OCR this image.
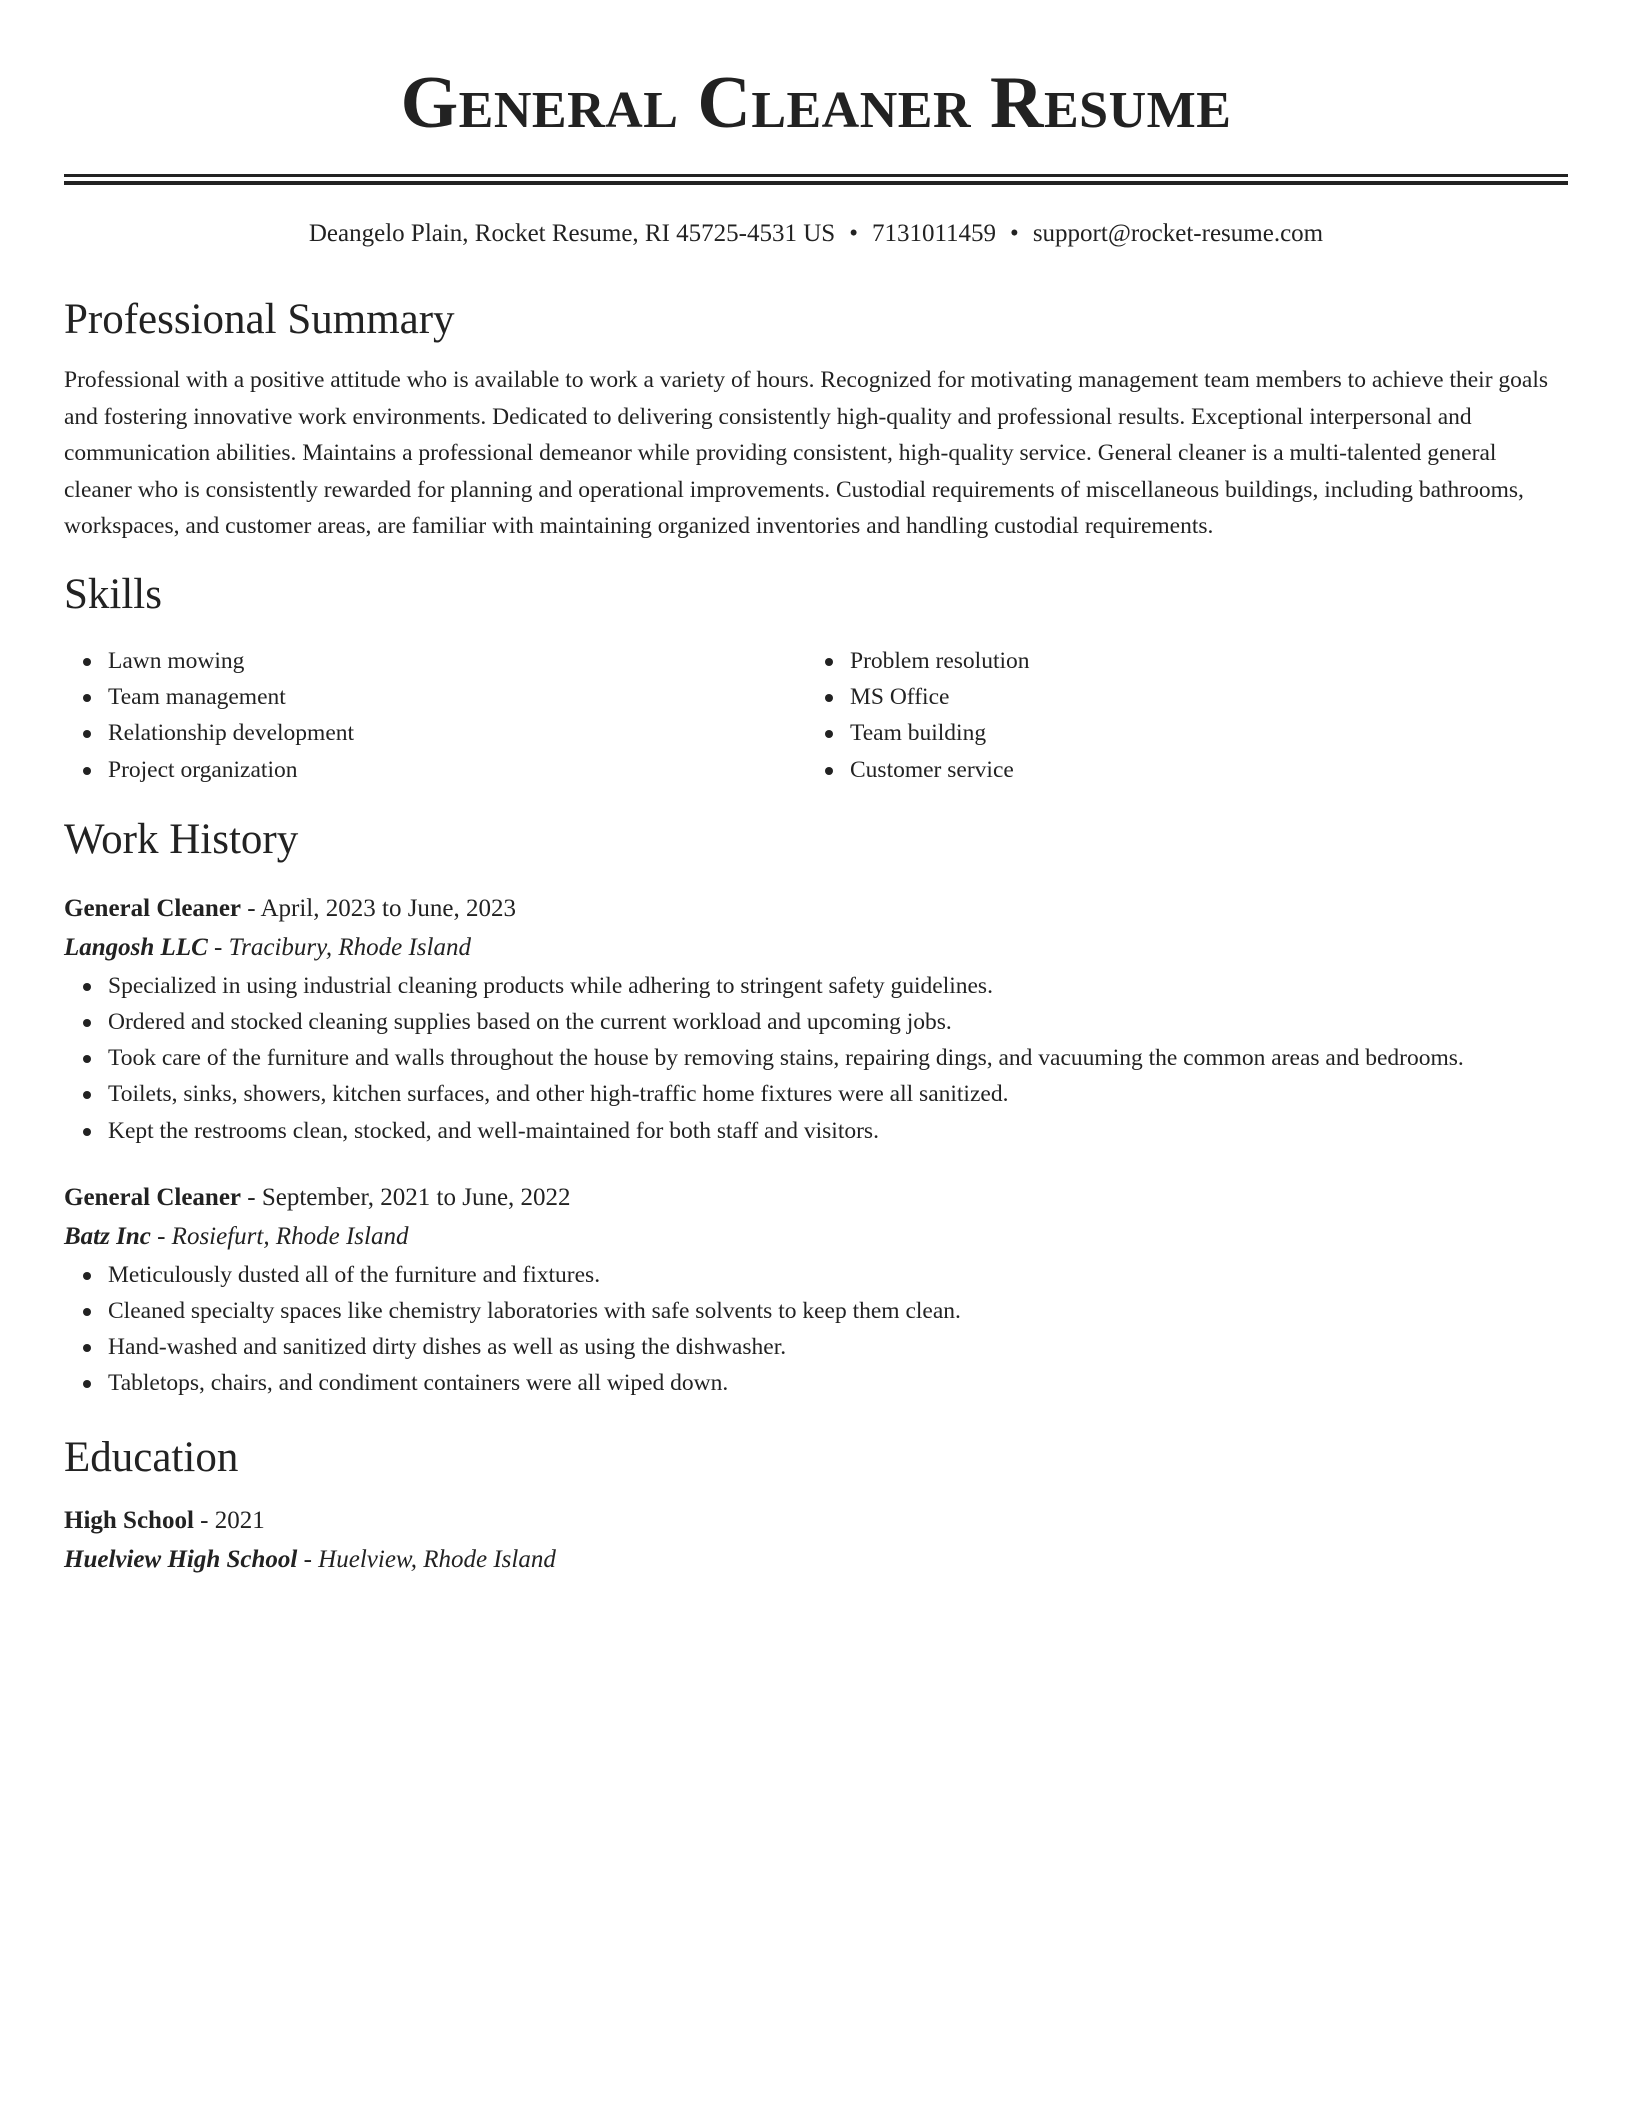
General Cleaner Resume
Deangelo Plain, Rocket Resume, RI 45725-4531 US • 7131011459 • support@rocket-resume.com
Professional Summary
Professional with a positive attitude who is available to work a variety of hours. Recognized for motivating management team members to achieve their goals and fostering innovative work environments. Dedicated to delivering consistently high-quality and professional results. Exceptional interpersonal and communication abilities. Maintains a professional demeanor while providing consistent, high-quality service. General cleaner is a multi-talented general cleaner who is consistently rewarded for planning and operational improvements. Custodial requirements of miscellaneous buildings, including bathrooms, workspaces, and customer areas, are familiar with maintaining organized inventories and handling custodial requirements.
Skills
Lawn mowing
Team management
Relationship development
Project organization
Problem resolution
MS Office
Team building
Customer service
Work History
General Cleaner - April, 2023 to June, 2023
Langosh LLC - Tracibury, Rhode Island
Specialized in using industrial cleaning products while adhering to stringent safety guidelines.
Ordered and stocked cleaning supplies based on the current workload and upcoming jobs.
Took care of the furniture and walls throughout the house by removing stains, repairing dings, and vacuuming the common areas and bedrooms.
Toilets, sinks, showers, kitchen surfaces, and other high-traffic home fixtures were all sanitized.
Kept the restrooms clean, stocked, and well-maintained for both staff and visitors.
General Cleaner - September, 2021 to June, 2022
Batz Inc - Rosiefurt, Rhode Island
Meticulously dusted all of the furniture and fixtures.
Cleaned specialty spaces like chemistry laboratories with safe solvents to keep them clean.
Hand-washed and sanitized dirty dishes as well as using the dishwasher.
Tabletops, chairs, and condiment containers were all wiped down.
Education
High School - 2021
Huelview High School - Huelview, Rhode Island
